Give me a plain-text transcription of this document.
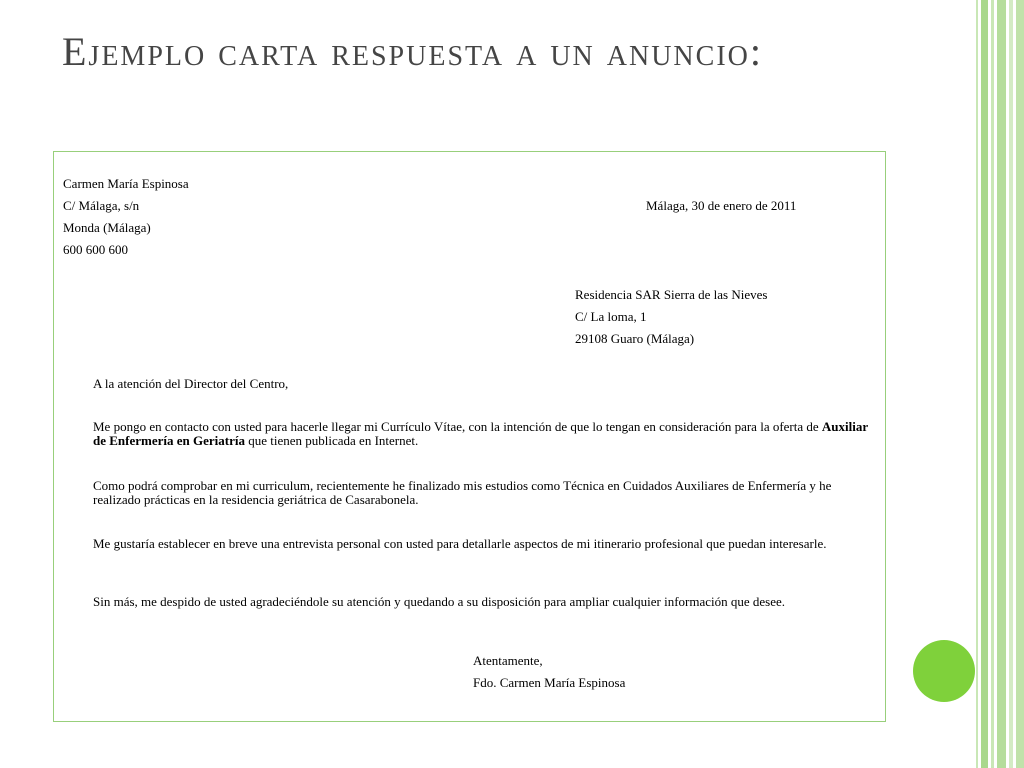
Ejemplo carta respuesta a un anuncio:

Carmen María Espinosa

C/ Málaga, s/n

Monda (Málaga)

600 600 600

Málaga, 30 de enero de 2011

Residencia SAR Sierra de las Nieves

C/ La loma, 1

29108 Guaro (Málaga)

A la atención del Director del Centro,

Me pongo en contacto con usted para hacerle llegar mi Currículo Vítae, con la intención de que lo tengan en consideración para la oferta de Auxiliar de Enfermería en Geriatría que tienen publicada en Internet.

Como podrá comprobar en mi curriculum, recientemente he finalizado mis estudios como Técnica en Cuidados Auxiliares de Enfermería y he realizado prácticas en la residencia geriátrica de Casarabonela.

Me gustaría establecer en breve una entrevista personal con usted para detallarle aspectos de mi itinerario profesional que puedan interesarle.

Sin más, me despido de usted agradeciéndole su atención y quedando a su disposición para ampliar cualquier información que desee.

Atentamente,

Fdo. Carmen María Espinosa
